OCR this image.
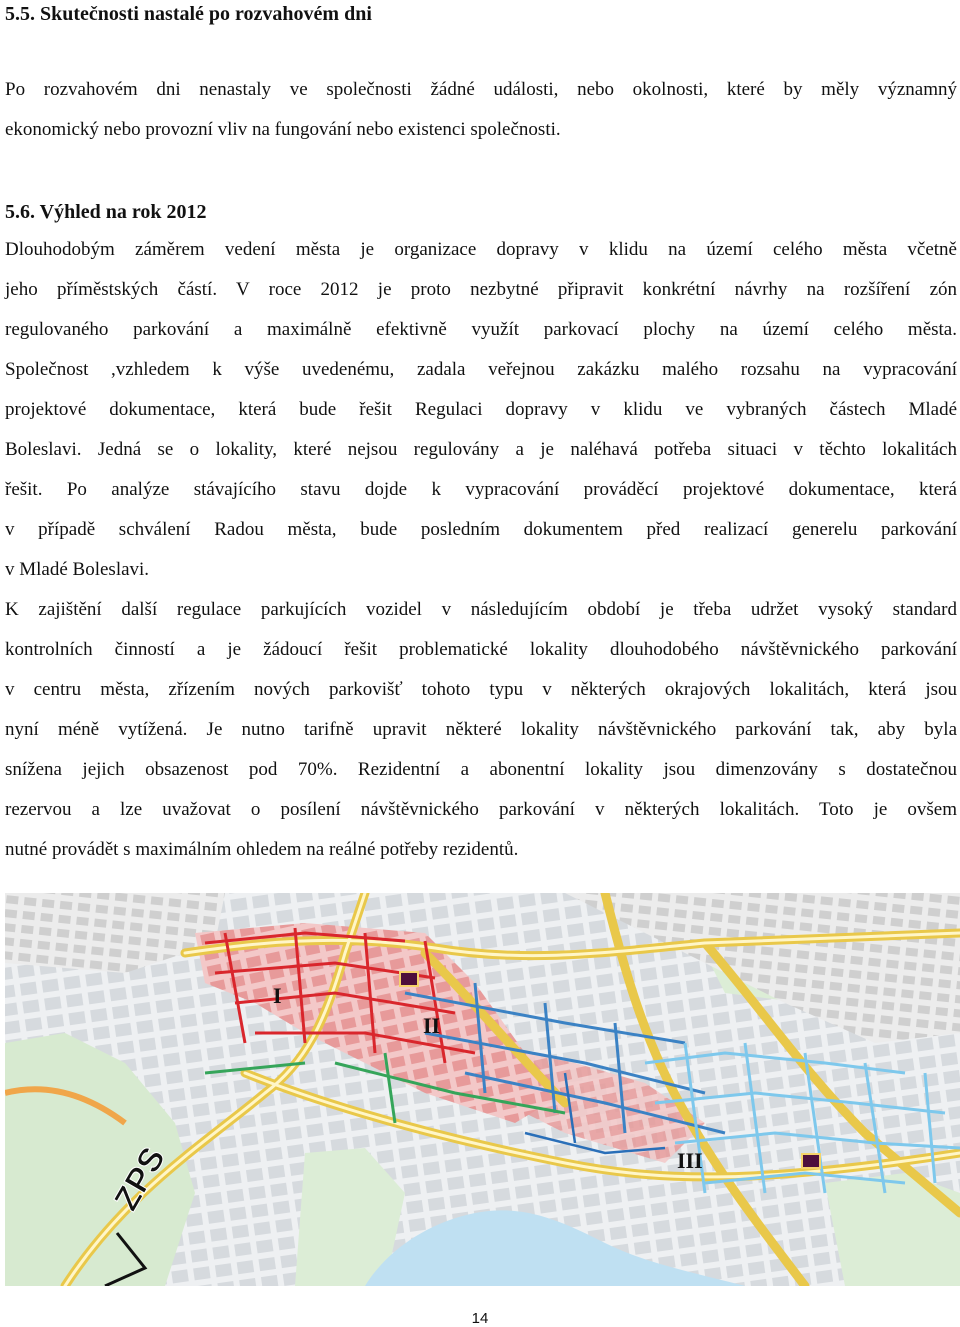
5.5. Skutečnosti nastalé po rozvahovém dni
Po rozvahovém dni nenastaly ve společnosti žádné události, nebo okolnosti, které by měly významný
ekonomický nebo provozní vliv na fungování nebo existenci společnosti.
5.6. Výhled na rok 2012
Dlouhodobým záměrem vedení města je organizace dopravy v klidu na území celého města včetně
jeho příměstských částí. V roce 2012 je proto nezbytné připravit konkrétní návrhy na rozšíření zón
regulovaného parkování a maximálně efektivně využít parkovací plochy na území celého města.
Společnost ,vzhledem k výše uvedenému, zadala veřejnou zakázku malého rozsahu na vypracování
projektové dokumentace, která bude řešit Regulaci dopravy v klidu ve vybraných částech Mladé
Boleslavi. Jedná se o lokality, které nejsou regulovány a je naléhavá potřeba situaci v těchto lokalitách
řešit. Po analýze stávajícího stavu dojde k vypracování prováděcí projektové dokumentace, která
v případě schválení Radou města, bude posledním dokumentem před realizací generelu parkování
v Mladé Boleslavi.
K zajištění další regulace parkujících vozidel v následujícím období je třeba udržet vysoký standard
kontrolních činností a je žádoucí řešit problematické lokality dlouhodobého návštěvnického parkování
v centru města, zřízením nových parkovišť tohoto typu v některých okrajových lokalitách, která jsou
nyní méně vytížená. Je nutno tarifně upravit některé lokality návštěvnického parkování tak, aby byla
snížena jejich obsazenost pod 70%. Rezidentní a abonentní lokality jsou dimenzovány s dostatečnou
rezervou a lze uvažovat o posílení návštěvnického parkování v některých lokalitách. Toto je ovšem
nutné provádět s maximálním ohledem na reálné potřeby rezidentů.
I
II
III
ZPS
14
